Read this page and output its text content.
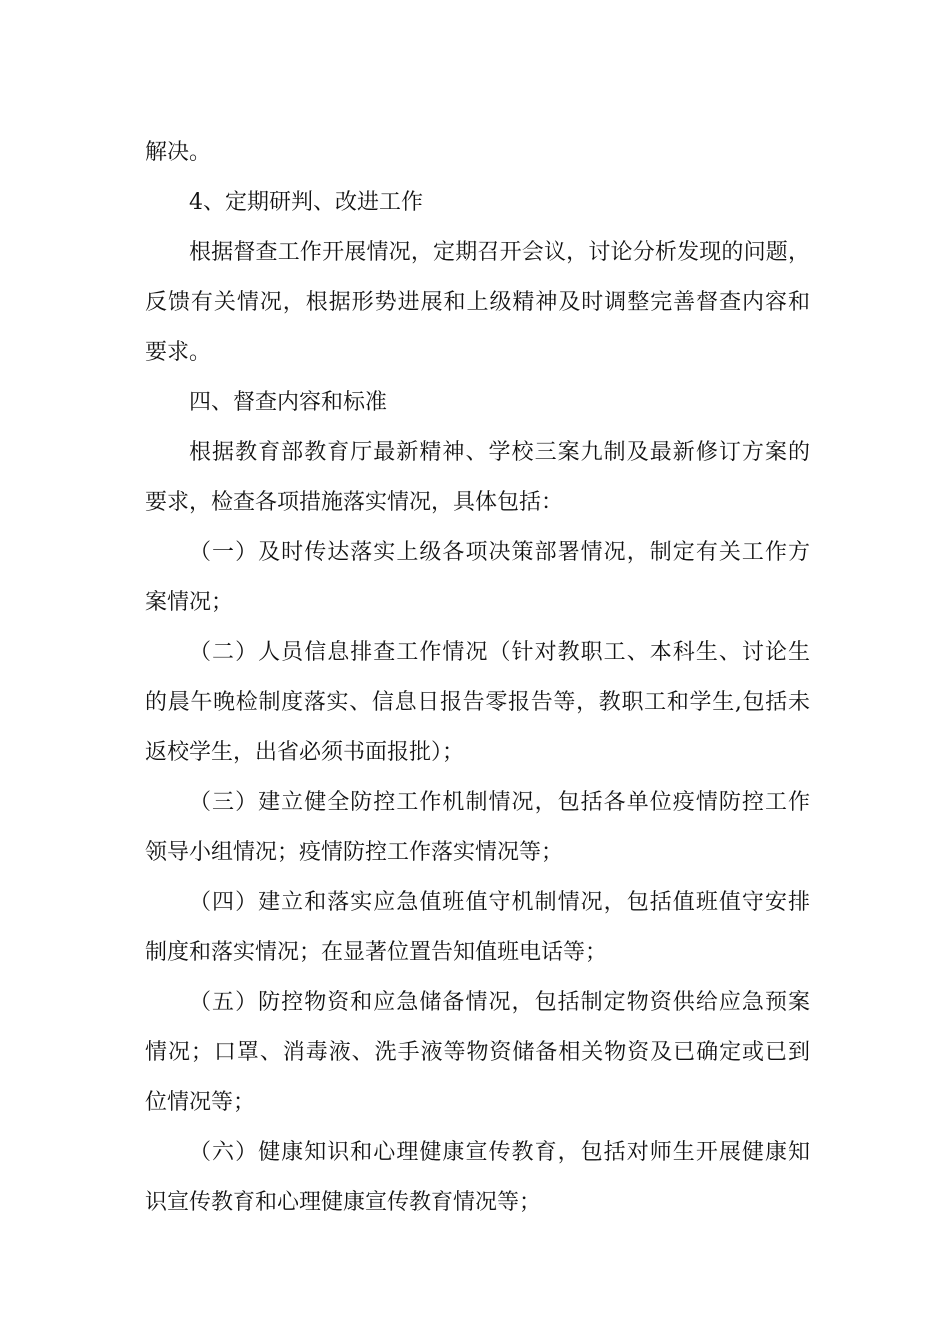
解决。
4、定期研判、改进工作
根据督查工作开展情况，定期召开会议，讨论分析发现的问题，
反馈有关情况，根据形势进展和上级精神及时调整完善督查内容和
要求。
四、督查内容和标准
根据教育部教育厅最新精神、学校三案九制及最新修订方案的
要求，检查各项措施落实情况，具体包括：
（一）及时传达落实上级各项决策部署情况，制定有关工作方
案情况；
（二）人员信息排查工作情况（针对教职工、本科生、讨论生
的晨午晚检制度落实、信息日报告零报告等，教职工和学生,包括未
返校学生，出省必须书面报批）；
（三）建立健全防控工作机制情况，包括各单位疫情防控工作
领导小组情况；疫情防控工作落实情况等；
（四）建立和落实应急值班值守机制情况，包括值班值守安排
制度和落实情况；在显著位置告知值班电话等；
（五）防控物资和应急储备情况，包括制定物资供给应急预案
情况；口罩、消毒液、洗手液等物资储备相关物资及已确定或已到
位情况等；
（六）健康知识和心理健康宣传教育，包括对师生开展健康知
识宣传教育和心理健康宣传教育情况等；
